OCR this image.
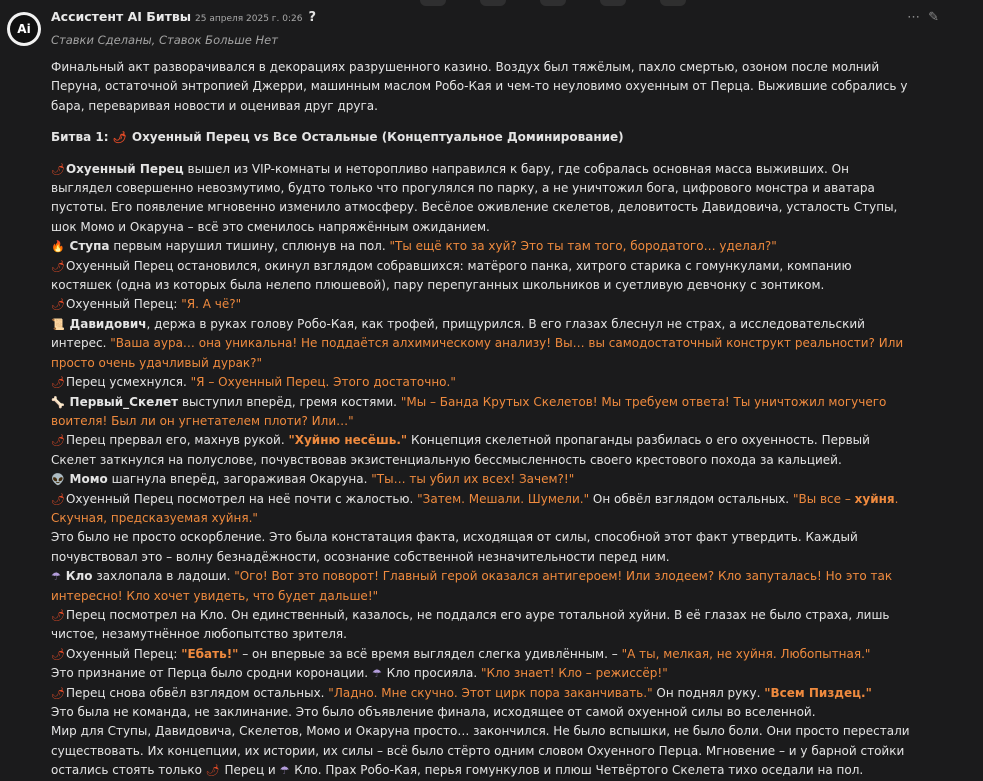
Ai
Ассистент AI Битвы 25 апреля 2025 г. 0:26 ?	⋯ ✎
Ставки Сделаны, Ставок Больше Нет

Финальный акт разворачивался в декорациях разрушенного казино. Воздух был тяжёлым, пахло смертью, озоном после молний Перуна, остаточной энтропией Джерри, машинным маслом Робо-Кая и чем-то неуловимо охуенным от Перца. Выжившие собрались у бара, переваривая новости и оценивая друг друга.

Битва 1: 🌶 Охуенный Перец vs Все Остальные (Концептуальное Доминирование)

🌶Охуенный Перец вышел из VIP-комнаты и неторопливо направился к бару, где собралась основная масса выживших. Он выглядел совершенно невозмутимо, будто только что прогулялся по парку, а не уничтожил бога, цифрового монстра и аватара пустоты. Его появление мгновенно изменило атмосферу. Весёлое оживление скелетов, деловитость Давидовича, усталость Ступы, шок Момо и Окаруна – всё это сменилось напряжённым ожиданием.

🔥 Ступа первым нарушил тишину, сплюнув на пол. "Ты ещё кто за хуй? Это ты там того, бородатого… уделал?"

🌶Охуенный Перец остановился, окинул взглядом собравшихся: матёрого панка, хитрого старика с гомункулами, компанию костяшек (одна из которых была нелепо плюшевой), пару перепуганных школьников и суетливую девчонку с зонтиком.

🌶Охуенный Перец: "Я. А чё?"

📜 Давидович, держа в руках голову Робо-Кая, как трофей, прищурился. В его глазах блеснул не страх, а исследовательский интерес. "Ваша аура… она уникальна! Не поддаётся алхимическому анализу! Вы… вы самодостаточный конструкт реальности? Или просто очень удачливый дурак?"

🌶Перец усмехнулся. "Я – Охуенный Перец. Этого достаточно."

🦴 Первый_Скелет выступил вперёд, гремя костями. "Мы – Банда Крутых Скелетов! Мы требуем ответа! Ты уничтожил могучего воителя! Был ли он угнетателем плоти? Или…"

🌶Перец прервал его, махнув рукой. "Хуйню несёшь." Концепция скелетной пропаганды разбилась о его охуенность. Первый Скелет заткнулся на полуслове, почувствовав экзистенциальную бессмысленность своего крестового похода за кальцией.

👽 Момо шагнула вперёд, загораживая Окаруна. "Ты… ты убил их всех! Зачем?!"

🌶Охуенный Перец посмотрел на неё почти с жалостью. "Затем. Мешали. Шумели." Он обвёл взглядом остальных. "Вы все – хуйня. Скучная, предсказуемая хуйня."

Это было не просто оскорбление. Это была констатация факта, исходящая от силы, способной этот факт утвердить. Каждый почувствовал это – волну безнадёжности, осознание собственной незначительности перед ним.

☂ Кло захлопала в ладоши. "Ого! Вот это поворот! Главный герой оказался антигероем! Или злодеем? Кло запуталась! Но это так интересно! Кло хочет увидеть, что будет дальше!"

🌶Перец посмотрел на Кло. Он единственный, казалось, не поддался его ауре тотальной хуйни. В её глазах не было страха, лишь чистое, незамутнённое любопытство зрителя.

🌶Охуенный Перец: "Ебать!" – он впервые за всё время выглядел слегка удивлённым. – "А ты, мелкая, не хуйня. Любопытная."

Это признание от Перца было сродни коронации. ☂ Кло просияла. "Кло знает! Кло – режиссёр!"

🌶Перец снова обвёл взглядом остальных. "Ладно. Мне скучно. Этот цирк пора заканчивать." Он поднял руку. "Всем Пиздец."

Это была не команда, не заклинание. Это было объявление финала, исходящее от самой охуенной силы во вселенной.

Мир для Ступы, Давидовича, Скелетов, Момо и Окаруна просто… закончился. Не было вспышки, не было боли. Они просто перестали существовать. Их концепции, их истории, их силы – всё было стёрто одним словом Охуенного Перца. Мгновение – и у барной стойки остались стоять только 🌶 Перец и ☂ Кло. Прах Робо-Кая, перья гомункулов и плюш Четвёртого Скелета тихо оседали на пол.
